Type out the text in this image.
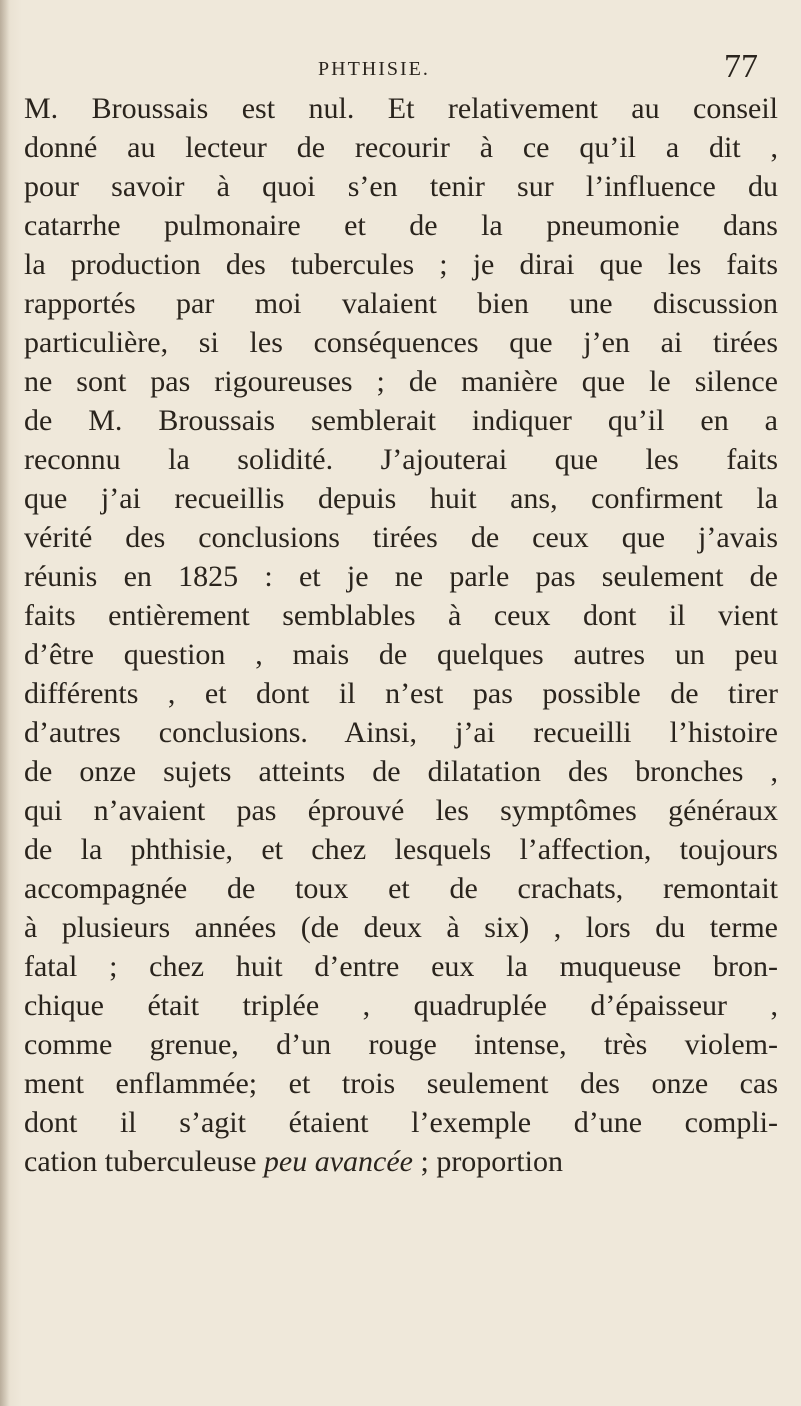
PHTHISIE.	77
M. Broussais est nul. Et relativement au conseil
donné au lecteur de recourir à ce qu’il a dit ,
pour savoir à quoi s’en tenir sur l’influence du
catarrhe pulmonaire et de la pneumonie dans
la production des tubercules ; je dirai que les faits
rapportés par moi valaient bien une discussion
particulière, si les conséquences que j’en ai tirées
ne sont pas rigoureuses ; de manière que le silence
de M. Broussais semblerait indiquer qu’il en a
reconnu la solidité. J’ajouterai que les faits
que j’ai recueillis depuis huit ans, confirment la
vérité des conclusions tirées de ceux que j’avais
réunis en 1825 : et je ne parle pas seulement de
faits entièrement semblables à ceux dont il vient
d’être question , mais de quelques autres un peu
différents , et dont il n’est pas possible de tirer
d’autres conclusions. Ainsi, j’ai recueilli l’histoire
de onze sujets atteints de dilatation des bronches ,
qui n’avaient pas éprouvé les symptômes généraux
de la phthisie, et chez lesquels l’affection, toujours
accompagnée de toux et de crachats, remontait
à plusieurs années (de deux à six) , lors du terme
fatal ; chez huit d’entre eux la muqueuse bron-
chique était triplée , quadruplée d’épaisseur ,
comme grenue, d’un rouge intense, très violem-
ment enflammée; et trois seulement des onze cas
dont il s’agit étaient l’exemple d’une compli-
cation tuberculeuse peu avancée ; proportion
